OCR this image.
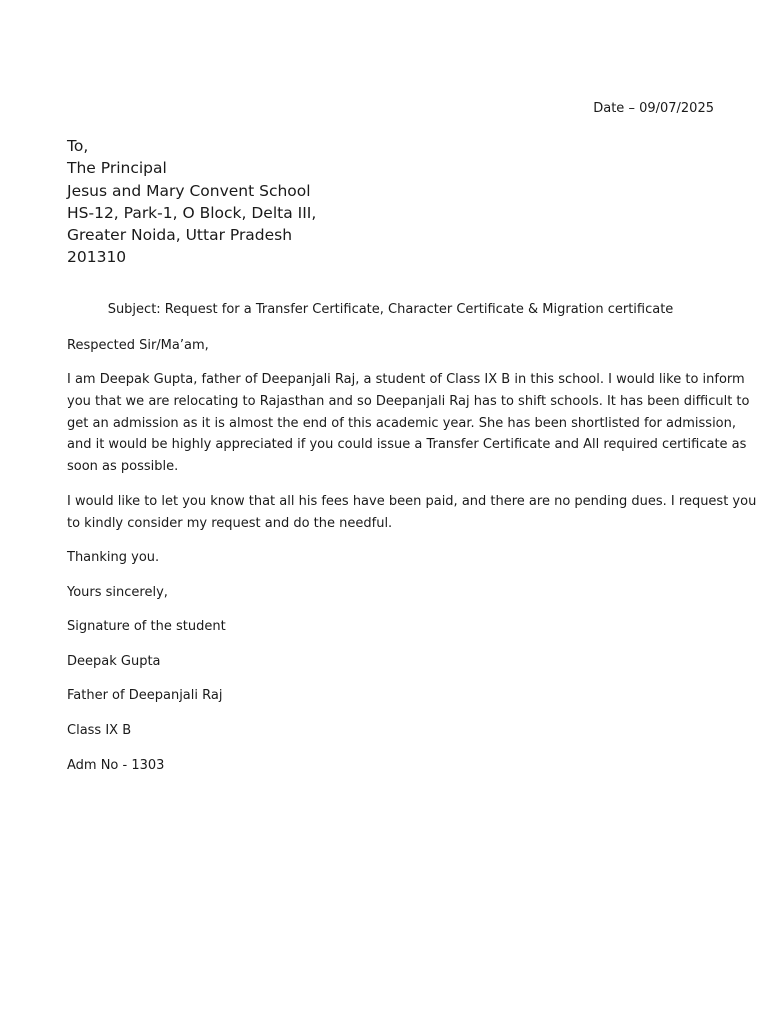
Date – 09/07/2025
To,
The Principal
Jesus and Mary Convent School
HS-12, Park-1, O Block, Delta III,
Greater Noida, Uttar Pradesh
201310
Subject: Request for a Transfer Certificate, Character Certificate & Migration certificate
Respected Sir/Ma’am,
I am Deepak Gupta, father of Deepanjali Raj, a student of Class IX B in this school. I would like to inform
you that we are relocating to Rajasthan and so Deepanjali Raj has to shift schools. It has been difficult to
get an admission as it is almost the end of this academic year. She has been shortlisted for admission,
and it would be highly appreciated if you could issue a Transfer Certificate and All required certificate as
soon as possible.
I would like to let you know that all his fees have been paid, and there are no pending dues. I request you
to kindly consider my request and do the needful.
Thanking you.
Yours sincerely,
Signature of the student
Deepak Gupta
Father of Deepanjali Raj
Class IX B
Adm No - 1303
